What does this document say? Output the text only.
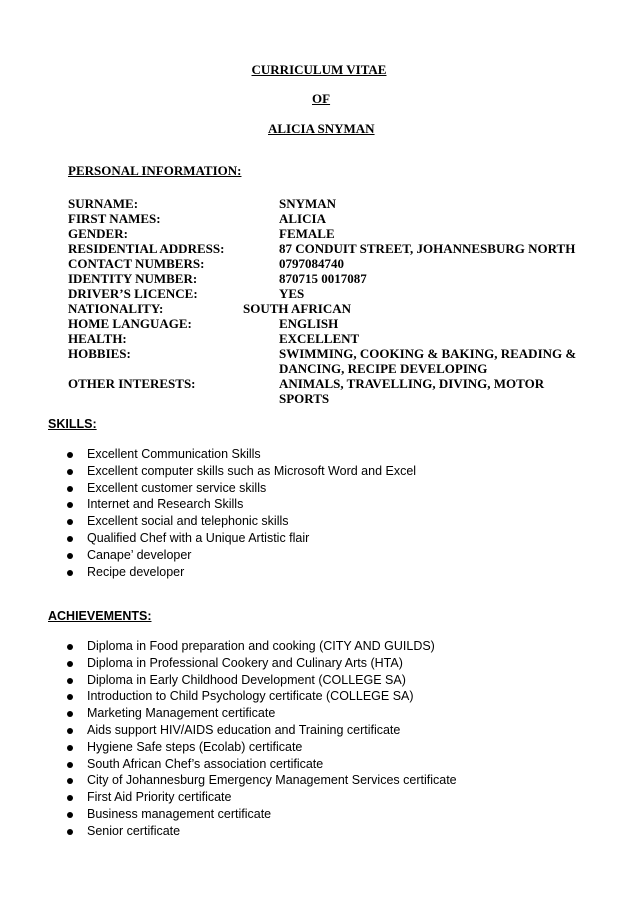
CURRICULUM VITAE
OF
ALICIA SNYMAN
PERSONAL INFORMATION:
SURNAME:	SNYMAN
FIRST NAMES:	ALICIA
GENDER:	FEMALE
RESIDENTIAL ADDRESS:	87 CONDUIT STREET, JOHANNESBURG NORTH
CONTACT NUMBERS:	0797084740
IDENTITY NUMBER:	870715 0017087
DRIVER’S LICENCE:	YES
NATIONALITY:	SOUTH AFRICAN
HOME LANGUAGE:	ENGLISH
HEALTH:	EXCELLENT
HOBBIES:	SWIMMING, COOKING & BAKING, READING &
DANCING, RECIPE DEVELOPING
OTHER INTERESTS:	ANIMALS, TRAVELLING, DIVING, MOTOR
SPORTS
SKILLS:
Excellent Communication Skills
Excellent computer skills such as Microsoft Word and Excel
Excellent customer service skills
Internet and Research Skills
Excellent social and telephonic skills
Qualified Chef with a Unique Artistic flair
Canape’ developer
Recipe developer
ACHIEVEMENTS:
Diploma in Food preparation and cooking (CITY AND GUILDS)
Diploma in Professional Cookery and Culinary Arts (HTA)
Diploma in Early Childhood Development (COLLEGE SA)
Introduction to Child Psychology certificate (COLLEGE SA)
Marketing Management certificate
Aids support HIV/AIDS education and Training certificate
Hygiene Safe steps (Ecolab) certificate
South African Chef’s association certificate
City of Johannesburg Emergency Management Services certificate
First Aid Priority certificate
Business management certificate
Senior certificate
